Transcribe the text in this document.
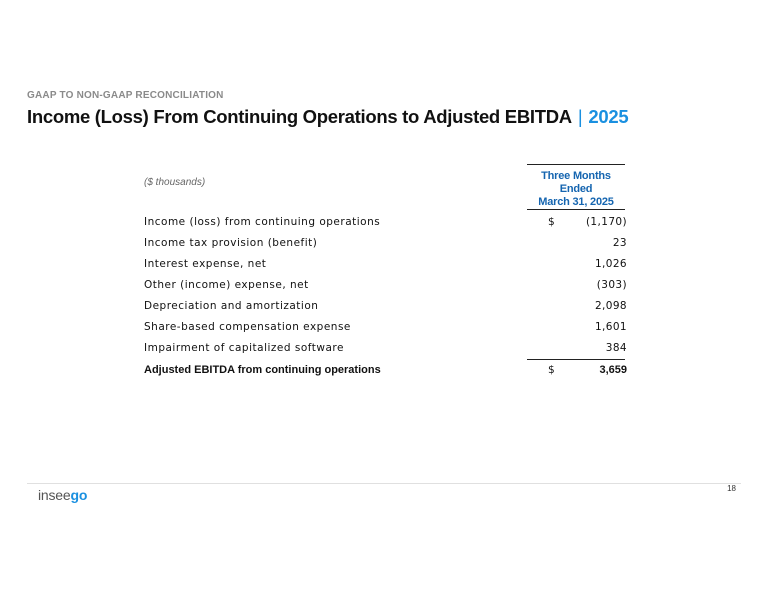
GAAP TO NON-GAAP RECONCILIATION
Income (Loss) From Continuing Operations to Adjusted EBITDA | 2025
($ thousands)
Three Months
Ended
March 31, 2025
Income (loss) from continuing operations	$	(1,170)
Income tax provision (benefit)	23
Interest expense, net	1,026
Other (income) expense, net	(303)
Depreciation and amortization	2,098
Share-based compensation expense	1,601
Impairment of capitalized software	384
Adjusted EBITDA from continuing operations	$	3,659
inseego	18
